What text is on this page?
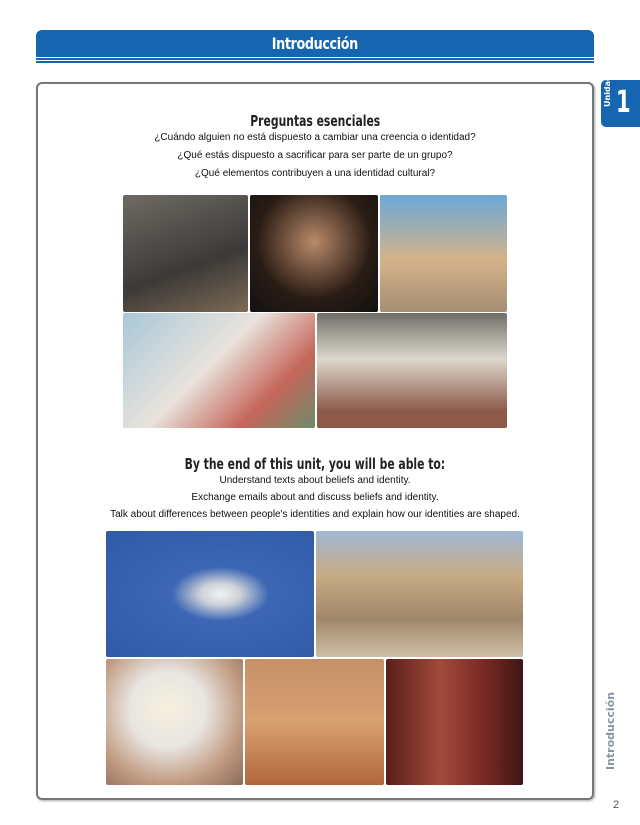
Introducción
Unidad 1
Preguntas esenciales
¿Cuándo alguien no está dispuesto a cambiar una creencia o identidad?
¿Qué estás dispuesto a sacrificar para ser parte de un grupo?
¿Qué elementos contribuyen a una identidad cultural?
By the end of this unit, you will be able to:
Understand texts about beliefs and identity.
Exchange emails about and discuss beliefs and identity.
Talk about differences between people's identities and explain how our identities are shaped.
Introducción
2
